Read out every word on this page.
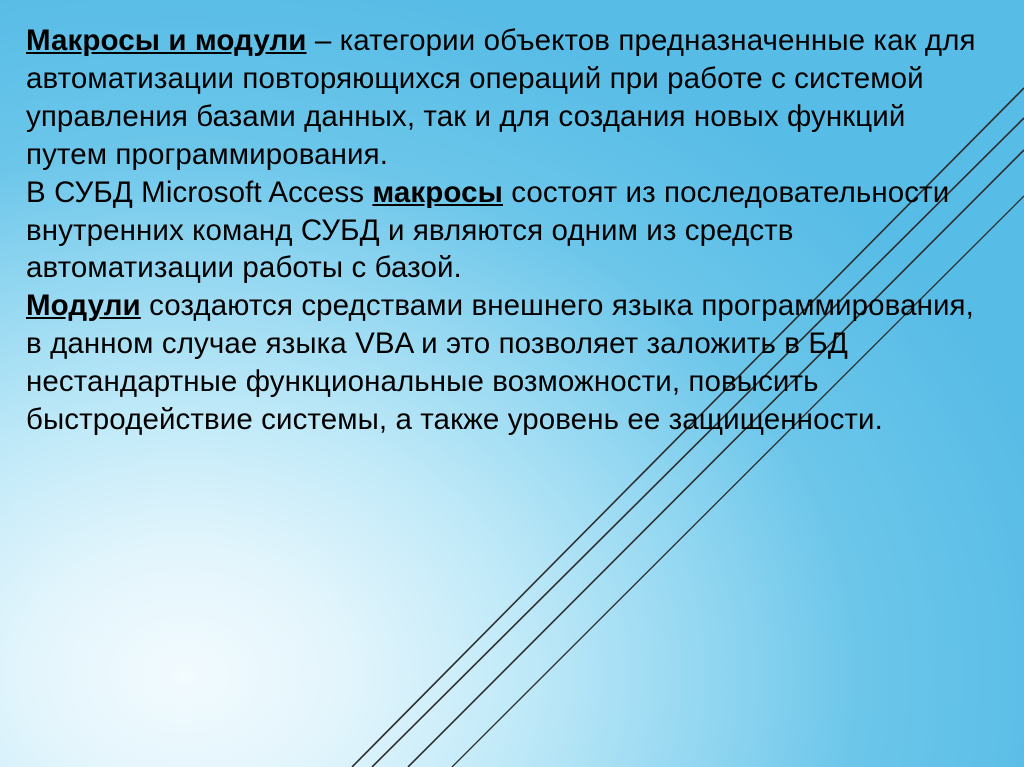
Макросы и модули – категории объектов предназначенные как для автоматизации повторяющихся операций при работе с системой управления базами данных, так и для создания новых функций путем программирования.

В СУБД Microsoft Access макросы состоят из последовательности внутренних команд СУБД и являются одним из средств автоматизации работы с базой.

Модули создаются средствами внешнего языка программирования, в данном случае языка VBA и это позволяет заложить в БД нестандартные функциональные возможности, повысить быстродействие системы, а также уровень ее защищенности.
